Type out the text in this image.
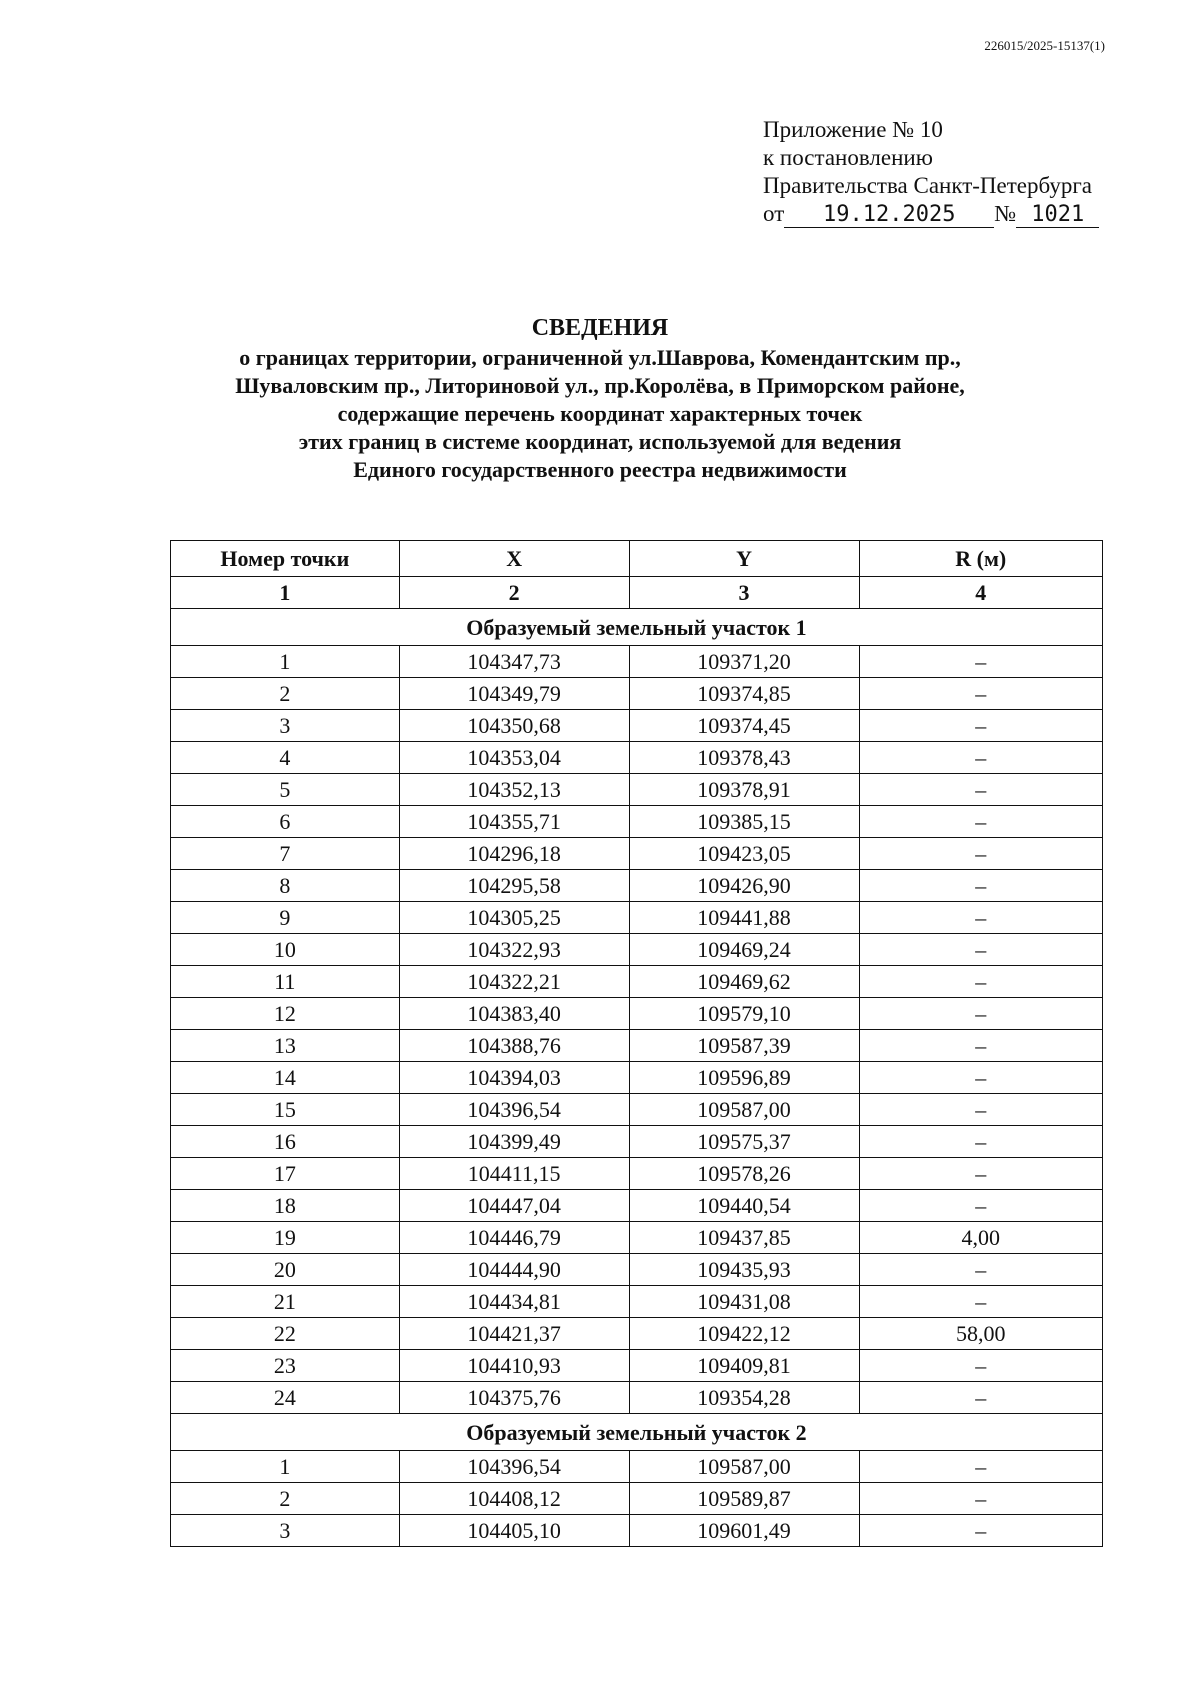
226015/2025-15137(1)
Приложение № 10
к постановлению
Правительства Санкт-Петербурга
от 19.12.2025 № 1021
СВЕДЕНИЯ
о границах территории, ограниченной ул.Шаврова, Комендантским пр.,
Шуваловским пр., Литориновой ул., пр.Королёва, в Приморском районе,
содержащие перечень координат характерных точек
этих границ в системе координат, используемой для ведения
Единого государственного реестра недвижимости
Номер точки	X	Y	R (м)
1	2	3	4
Образуемый земельный участок 1			
1	104347,73	109371,20	–
2	104349,79	109374,85	–
3	104350,68	109374,45	–
4	104353,04	109378,43	–
5	104352,13	109378,91	–
6	104355,71	109385,15	–
7	104296,18	109423,05	–
8	104295,58	109426,90	–
9	104305,25	109441,88	–
10	104322,93	109469,24	–
11	104322,21	109469,62	–
12	104383,40	109579,10	–
13	104388,76	109587,39	–
14	104394,03	109596,89	–
15	104396,54	109587,00	–
16	104399,49	109575,37	–
17	104411,15	109578,26	–
18	104447,04	109440,54	–
19	104446,79	109437,85	4,00
20	104444,90	109435,93	–
21	104434,81	109431,08	–
22	104421,37	109422,12	58,00
23	104410,93	109409,81	–
24	104375,76	109354,28	–
Образуемый земельный участок 2			
1	104396,54	109587,00	–
2	104408,12	109589,87	–
3	104405,10	109601,49	–
